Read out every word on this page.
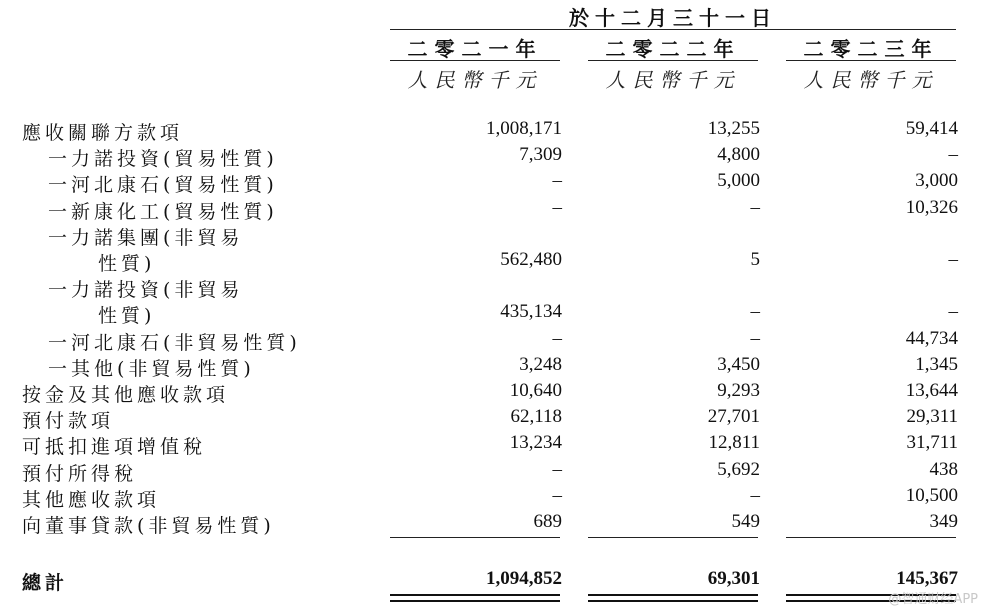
於十二月三十一日
二零二一年	二零二二年	二零二三年
人民幣千元	人民幣千元	人民幣千元
應收關聯方款項	1,008,171	13,255	59,414
一力諾投資(貿易性質)	7,309	4,800	–
一河北康石(貿易性質)	–	5,000	3,000
一新康化工(貿易性質)	–	–	10,326
一力諾集團(非貿易
性質)	562,480	5	–
一力諾投資(非貿易
性質)	435,134	–	–
一河北康石(非貿易性質)	–	–	44,734
一其他(非貿易性質)	3,248	3,450	1,345
按金及其他應收款項	10,640	9,293	13,644
預付款項	62,118	27,701	29,311
可抵扣進項增值稅	13,234	12,811	31,711
預付所得稅	–	5,692	438
其他應收款項	–	–	10,500
向董事貸款(非貿易性質)	689	549	349
總計	1,094,852	69,301	145,367
@智通财经APP
